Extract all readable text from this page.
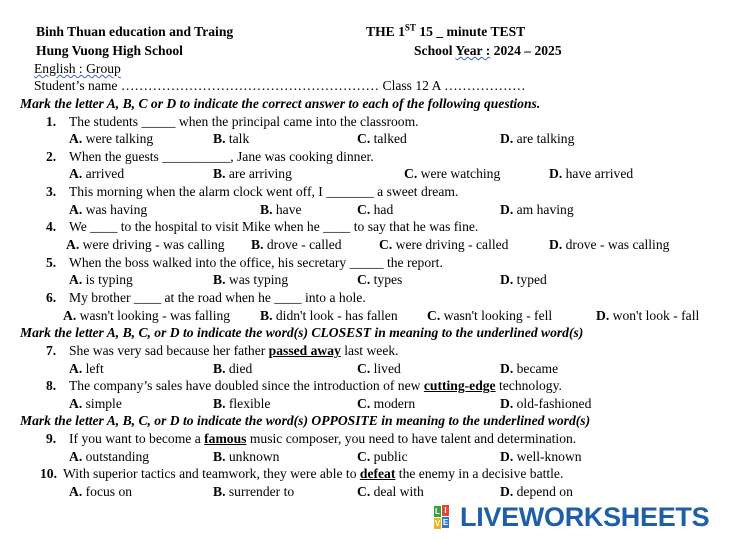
Binh Thuan education and Traing	THE 1ST 15 _ minute TEST
Hung Vuong High School	School Year : 2024 – 2025
English : Group
Student’s name ………………………………………………… Class 12 A ………………
Mark the letter A, B, C or D to indicate the correct answer to each of the following questions.
1. The students _____ when the principal came into the classroom.
A. were talking	B. talk	C. talked	D. are talking
2. When the guests __________, Jane was cooking dinner.
A. arrived	B. are arriving	C. were watching	D. have arrived
3. This morning when the alarm clock went off, I _______ a sweet dream.
A. was having	B. have	C. had	D. am having
4. We ____ to the hospital to visit Mike when he ____ to say that he was fine.
A. were driving - was calling B. drove - called	C. were driving - called	D. drove - was calling
5. When the boss walked into the office, his secretary _____ the report.
A. is typing	B. was typing	C. types	D. typed
6. My brother ____ at the road when he ____ into a hole.
A. wasn't looking - was falling B. didn't look - has fallen C. wasn't looking - fell	D. won't look - fall
7. She was very sad because her father passed away last week.
A. left	B. died	C. lived	D. became
8. The company’s sales have doubled since the introduction of new cutting-edge technology.
A. simple	B. flexible	C. modern	D. old-fashioned
9. If you want to become a famous music composer, you need to have talent and determination.
A. outstanding	B. unknown	C. public	D. well-known
10. With superior tactics and teamwork, they were able to defeat the enemy in a decisive battle.
A. focus on	B. surrender to	C. deal with	D. depend on
Mark the letter A, B, C, or D to indicate the word(s) CLOSEST in meaning to the underlined word(s)
Mark the letter A, B, C, or D to indicate the word(s) OPPOSITE in meaning to the underlined word(s)
L I
V E LIVEWORKSHEETS
